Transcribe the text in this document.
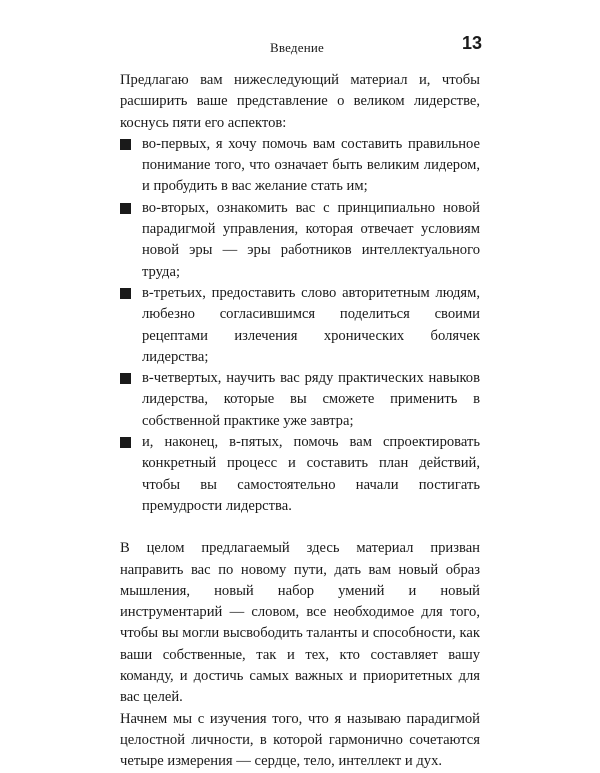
Введение	13

Предлагаю вам нижеследующий материал и, чтобы расширить ваше представление о великом лидерстве, коснусь пяти его аспектов:

во-первых, я хочу помочь вам составить правильное понимание того, что означает быть великим лидером, и пробудить в вас желание стать им;
во-вторых, ознакомить вас с принципиально новой парадигмой управления, которая отвечает условиям новой эры — эры работников интеллектуального труда;
в-третьих, предоставить слово авторитетным людям, любезно согласившимся поделиться своими рецептами излечения хронических болячек лидерства;
в-четвертых, научить вас ряду практических навыков лидерства, которые вы сможете применить в собственной практике уже завтра;
и, наконец, в-пятых, помочь вам спроектировать конкретный процесс и составить план действий, чтобы вы самостоятельно начали постигать премудрости лидерства.

В целом предлагаемый здесь материал призван направить вас по новому пути, дать вам новый образ мышления, новый набор умений и новый инструментарий — словом, все необходимое для того, чтобы вы могли высвободить таланты и способности, как ваши собственные, так и тех, кто составляет вашу команду, и достичь самых важных и приоритетных для вас целей.

Начнем мы с изучения того, что я называю парадигмой целостной личности, в которой гармонично сочетаются четыре измерения — сердце, тело, интеллект и дух.
